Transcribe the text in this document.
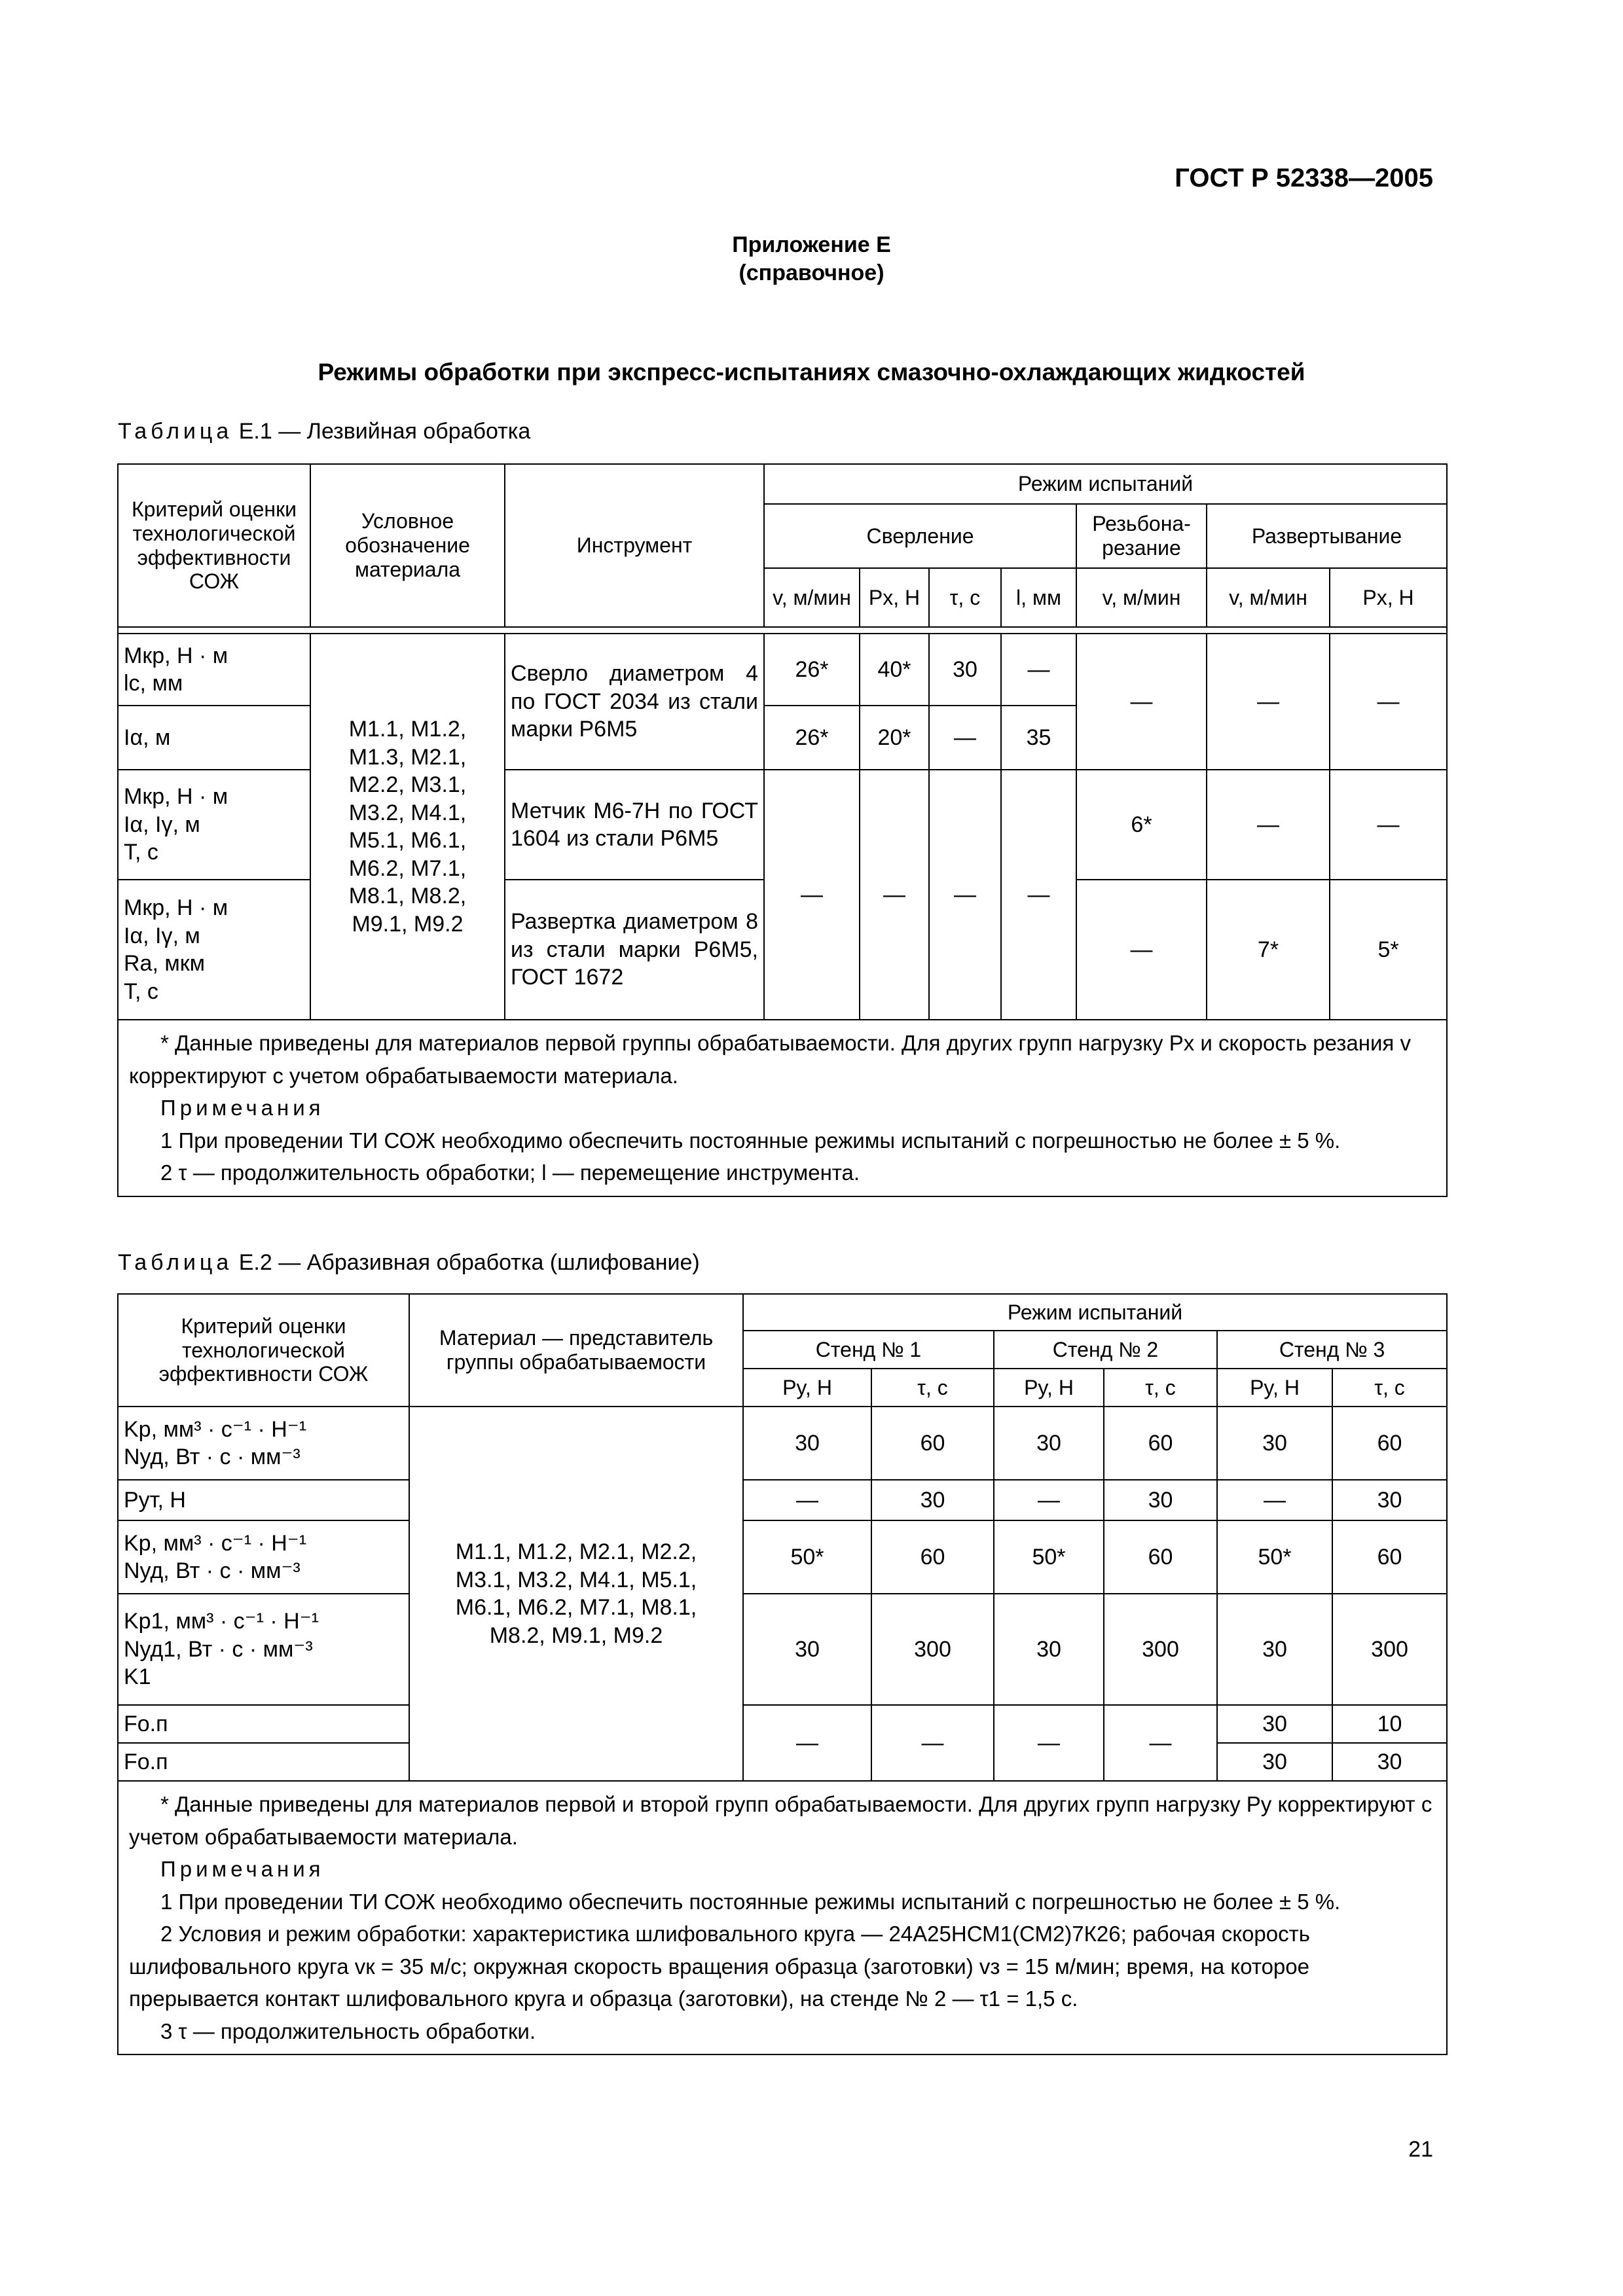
ГОСТ Р 52338—2005
Приложение Е
(справочное)
Режимы обработки при экспресс-испытаниях смазочно-охлаждающих жидкостей
Таблица Е.1 — Лезвийная обработка
Критерий оценки технологической эффективности СОЖ	Условное обозначение материала	Инструмент	Режим испытаний						
			Сверление				Резьбона-резание	Развертывание	
			v, м/мин	Px, Н	τ, с	l, мм	v, м/мин	v, м/мин	Px, Н

Mкр, Н · м
lс, мм	М1.1, М1.2, М1.3, М2.1, М2.2, М3.1, М3.2, М4.1, М5.1, М6.1, М6.2, М7.1, М8.1, М8.2, М9.1, М9.2	Сверло диаметром 4 по ГОСТ 2034 из стали марки Р6М5	26*	40*	30	—	—	—	—

Iα, м			26*	20*	—	35			

Mкр, Н · м
Iα, Iγ, м
T, с		Метчик М6-7Н по ГОСТ 1604 из стали Р6М5	—	—	—	—	6*	—	—

Mкр, Н · м
Iα, Iγ, м
Ra, мкм
T, с		Развертка диаметром 8 из стали марки Р6М5, ГОСТ 1672					—	7*	5*

* Данные приведены для материалов первой группы обрабатываемости. Для других групп нагрузку Px и скорость резания v корректируют с учетом обрабатываемости материала.

Примечания

1 При проведении ТИ СОЖ необходимо обеспечить постоянные режимы испытаний с погрешностью не более ± 5 %.

2 τ — продолжительность обработки; l — перемещение инструмента.									

Таблица Е.2 — Абразивная обработка (шлифование)
Критерий оценки технологической эффективности СОЖ	Материал — представитель группы обрабатываемости	Режим испытаний					
		Стенд № 1		Стенд № 2		Стенд № 3	
		Py, Н	τ, с	Py, Н	τ, с	Py, Н	τ, с

Kр, мм³ · с⁻¹ · Н⁻¹
Nуд, Вт · с · мм⁻³	М1.1, М1.2, М2.1, М2.2, М3.1, М3.2, М4.1, М5.1, М6.1, М6.2, М7.1, М8.1, М8.2, М9.1, М9.2	30	60	30	60	30	60

Pут, Н		—	30	—	30	—	30

Kр, мм³ · с⁻¹ · Н⁻¹
Nуд, Вт · с · мм⁻³		50*	60	50*	60	50*	60

Kр1, мм³ · с⁻¹ · Н⁻¹
Nуд1, Вт · с · мм⁻³
K1		30	300	30	300	30	300

Fо.п		—	—	—	—	30	10

Fо.п						30	30

* Данные приведены для материалов первой и второй групп обрабатываемости. Для других групп нагрузку Py корректируют с учетом обрабатываемости материала.

Примечания

1 При проведении ТИ СОЖ необходимо обеспечить постоянные режимы испытаний с погрешностью не более ± 5 %.

2 Условия и режим обработки: характеристика шлифовального круга — 24А25НСМ1(СМ2)7К26; рабочая скорость шлифовального круга vк = 35 м/с; окружная скорость вращения образца (заготовки) vз = 15 м/мин; время, на которое прерывается контакт шлифовального круга и образца (заготовки), на стенде № 2 — τ1 = 1,5 с.

3 τ — продолжительность обработки.							

21
